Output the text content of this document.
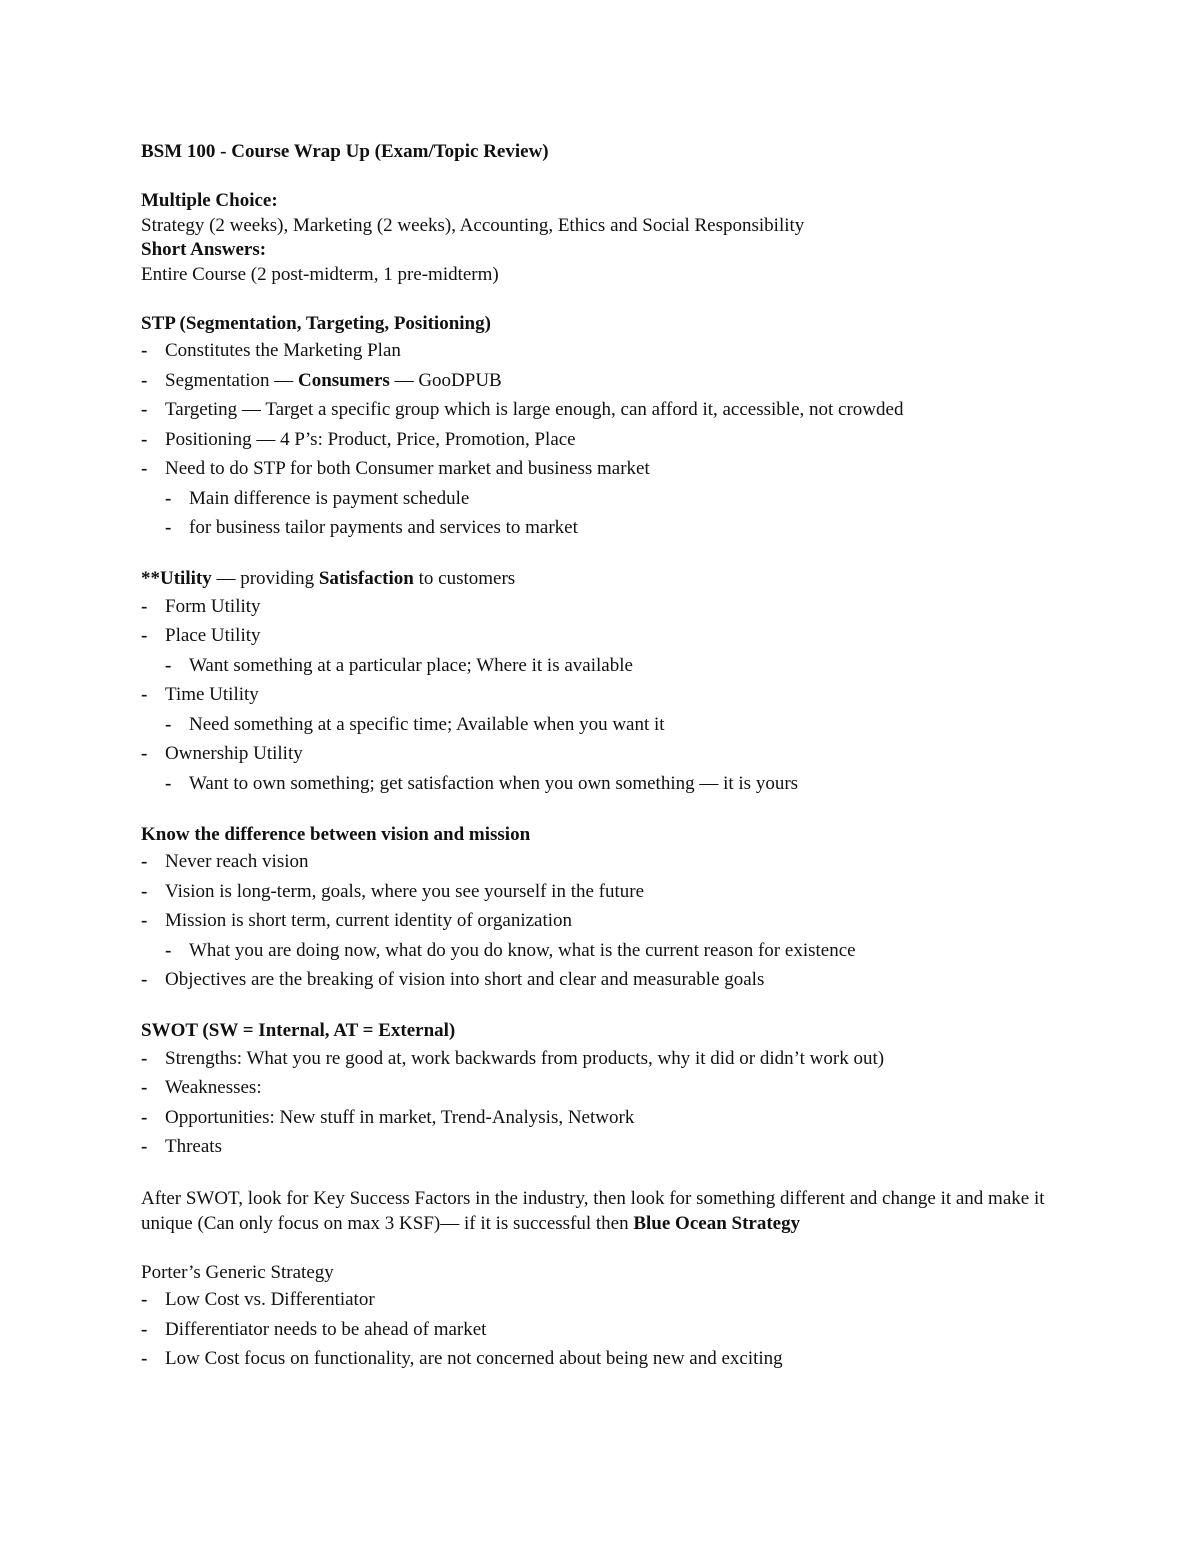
BSM 100 - Course Wrap Up (Exam/Topic Review)
Multiple Choice:
Strategy (2 weeks), Marketing (2 weeks), Accounting, Ethics and Social Responsibility
Short Answers:
Entire Course (2 post-midterm, 1 pre-midterm)
STP (Segmentation, Targeting, Positioning)
- Constitutes the Marketing Plan
- Segmentation — Consumers — GooDPUB
- Targeting — Target a specific group which is large enough, can afford it, accessible, not crowded
- Positioning — 4 P’s: Product, Price, Promotion, Place
- Need to do STP for both Consumer market and business market
- Main difference is payment schedule
- for business tailor payments and services to market
**Utility — providing Satisfaction to customers
- Form Utility
- Place Utility
- Want something at a particular place; Where it is available
- Time Utility
- Need something at a specific time; Available when you want it
- Ownership Utility
- Want to own something; get satisfaction when you own something — it is yours
Know the difference between vision and mission
- Never reach vision
- Vision is long-term, goals, where you see yourself in the future
- Mission is short term, current identity of organization
- What you are doing now, what do you do know, what is the current reason for existence
- Objectives are the breaking of vision into short and clear and measurable goals
SWOT (SW = Internal, AT = External)
- Strengths: What you re good at, work backwards from products, why it did or didn’t work out)
- Weaknesses:
- Opportunities: New stuff in market, Trend-Analysis, Network
- Threats
After SWOT, look for Key Success Factors in the industry, then look for something different and change it and make it unique (Can only focus on max 3 KSF)— if it is successful then Blue Ocean Strategy
Porter’s Generic Strategy
- Low Cost vs. Differentiator
- Differentiator needs to be ahead of market
- Low Cost focus on functionality, are not concerned about being new and exciting
